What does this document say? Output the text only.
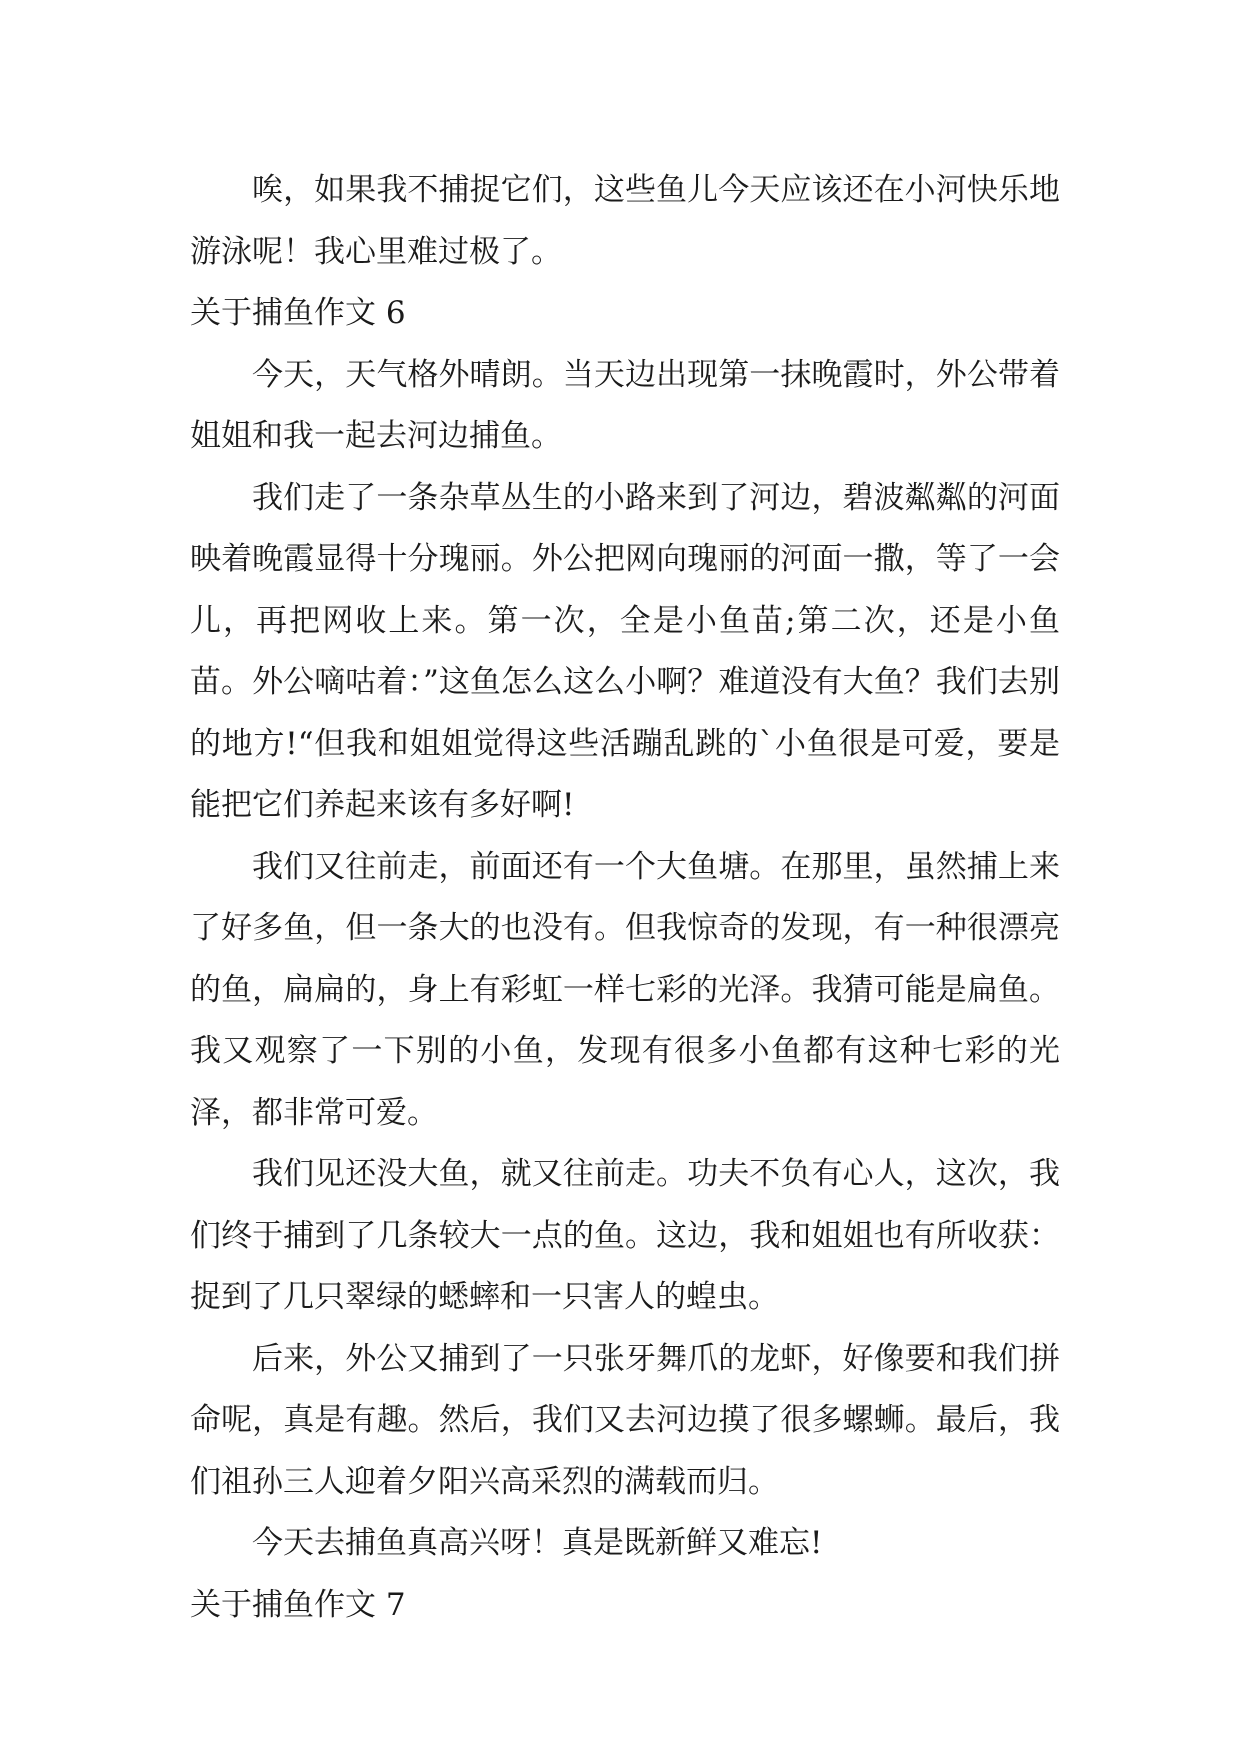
唉，如果我不捕捉它们，这些鱼儿今天应该还在小河快乐地游泳呢！我心里难过极了。

关于捕鱼作文 6

今天，天气格外晴朗。当天边出现第一抹晚霞时，外公带着姐姐和我一起去河边捕鱼。

我们走了一条杂草丛生的小路来到了河边，碧波粼粼的河面映着晚霞显得十分瑰丽。外公把网向瑰丽的河面一撒，等了一会儿，再把网收上来。第一次，全是小鱼苗;第二次，还是小鱼苗。外公嘀咕着：”这鱼怎么这么小啊？难道没有大鱼？我们去别的地方!“但我和姐姐觉得这些活蹦乱跳的`小鱼很是可爱，要是能把它们养起来该有多好啊!

我们又往前走，前面还有一个大鱼塘。在那里，虽然捕上来了好多鱼，但一条大的也没有。但我惊奇的发现，有一种很漂亮的鱼，扁扁的，身上有彩虹一样七彩的光泽。我猜可能是扁鱼。我又观察了一下别的小鱼，发现有很多小鱼都有这种七彩的光泽，都非常可爱。

我们见还没大鱼，就又往前走。功夫不负有心人，这次，我们终于捕到了几条较大一点的鱼。这边，我和姐姐也有所收获：捉到了几只翠绿的蟋蟀和一只害人的蝗虫。

后来，外公又捕到了一只张牙舞爪的龙虾，好像要和我们拼命呢，真是有趣。然后，我们又去河边摸了很多螺蛳。最后，我们祖孙三人迎着夕阳兴高采烈的满载而归。

今天去捕鱼真高兴呀！真是既新鲜又难忘!

关于捕鱼作文 7
